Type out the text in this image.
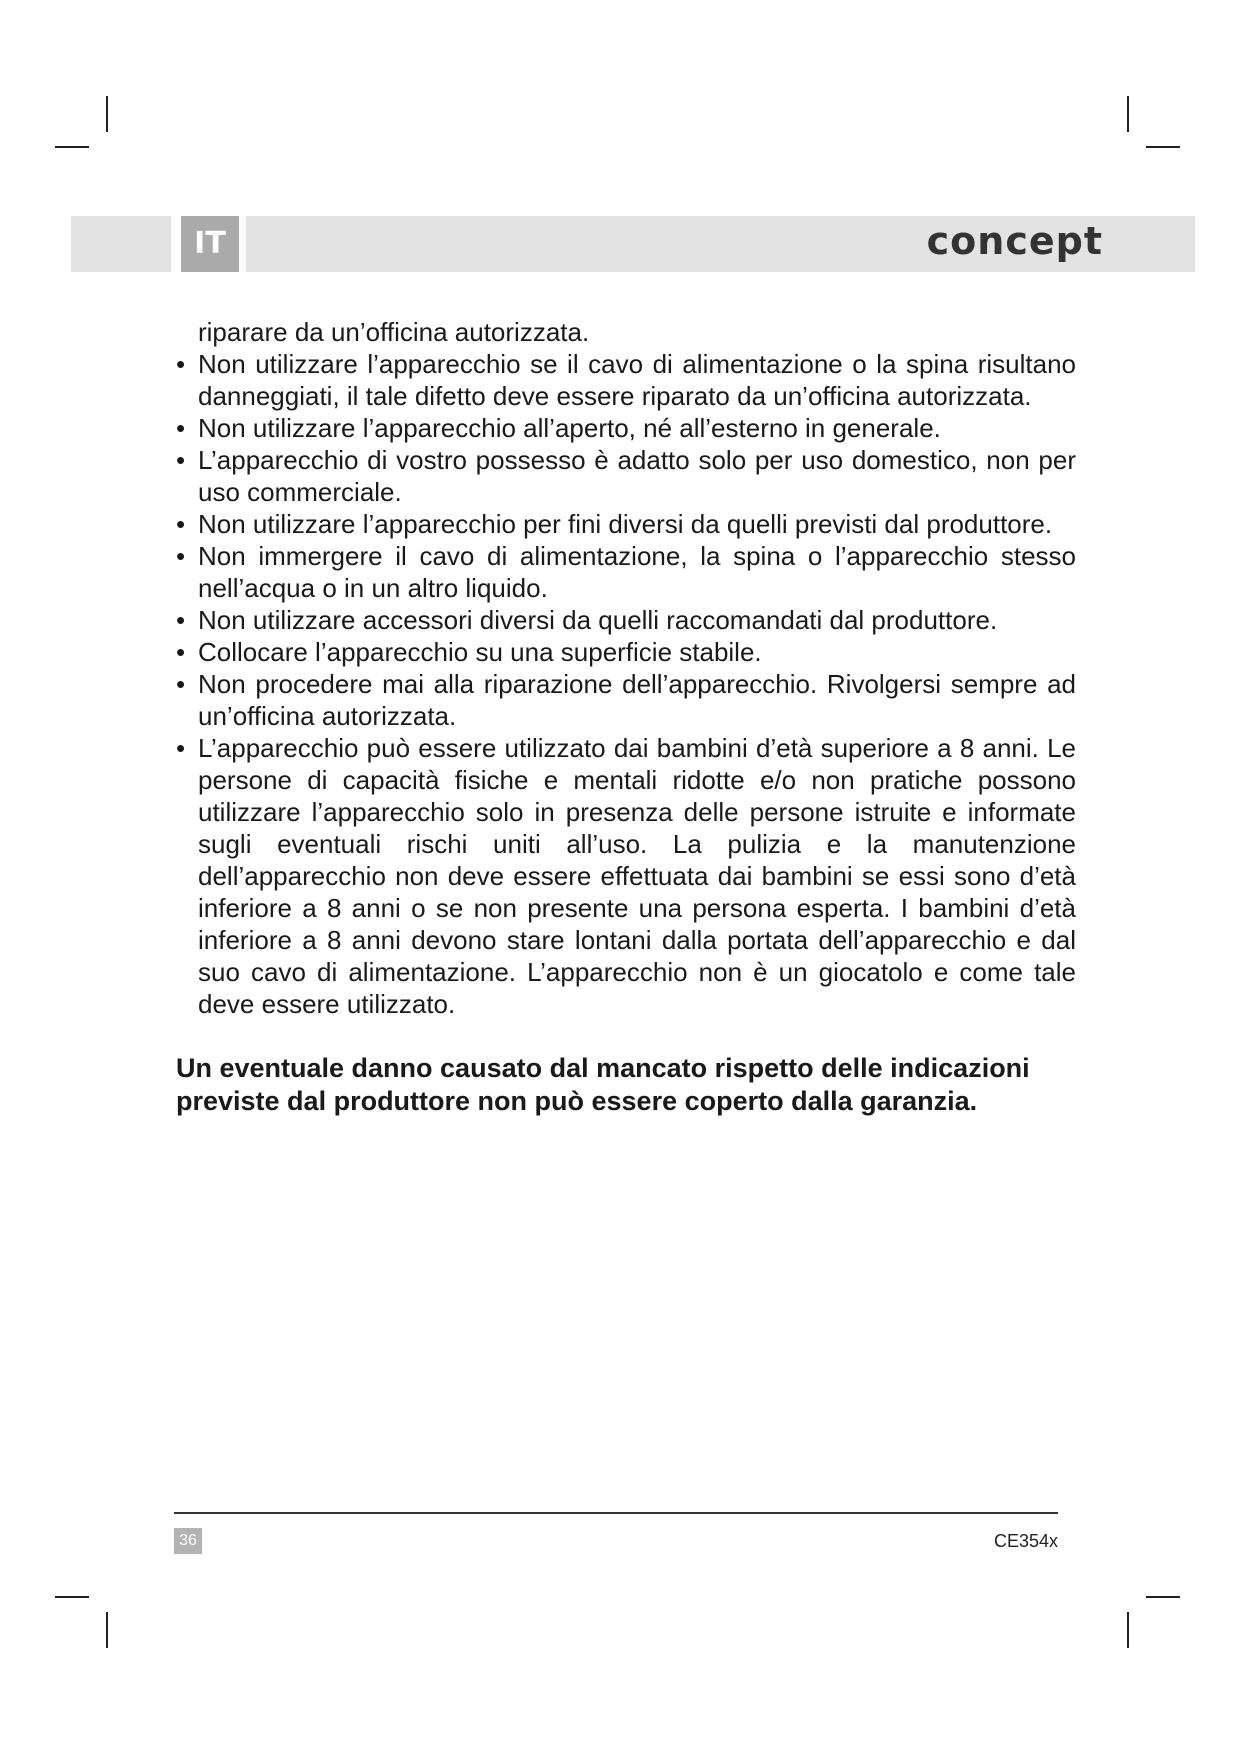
IT	concept

riparare da un’officina autorizzata.

• Non utilizzare l’apparecchio se il cavo di alimentazione o la spina risultano danneggiati, il tale difetto deve essere riparato da un’officina autorizzata.
• Non utilizzare l’apparecchio all’aperto, né all’esterno in generale.
• L’apparecchio di vostro possesso è adatto solo per uso domestico, non per uso commerciale.
• Non utilizzare l’apparecchio per fini diversi da quelli previsti dal produttore.
• Non immergere il cavo di alimentazione, la spina o l’apparecchio stesso nell’acqua o in un altro liquido.
• Non utilizzare accessori diversi da quelli raccomandati dal produttore.
• Collocare l’apparecchio su una superficie stabile.
• Non procedere mai alla riparazione dell’apparecchio. Rivolgersi sempre ad un’officina autorizzata.
• L’apparecchio può essere utilizzato dai bambini d’età superiore a 8 anni. Le persone di capacità fisiche e mentali ridotte e/o non pratiche possono utilizzare l’apparecchio solo in presenza delle persone istruite e informate sugli eventuali rischi uniti all’uso. La pulizia e la manutenzione dell’apparecchio non deve essere effettuata dai bambini se essi sono d’età inferiore a 8 anni o se non presente una persona esperta. I bambini d’età inferiore a 8 anni devono stare lontani dalla portata dell’apparecchio e dal suo cavo di alimentazione. L’apparecchio non è un giocatolo e come tale deve essere utilizzato.

Un eventuale danno causato dal mancato rispetto delle indicazioni previste dal produttore non può essere coperto dalla garanzia.

36	CE354x
